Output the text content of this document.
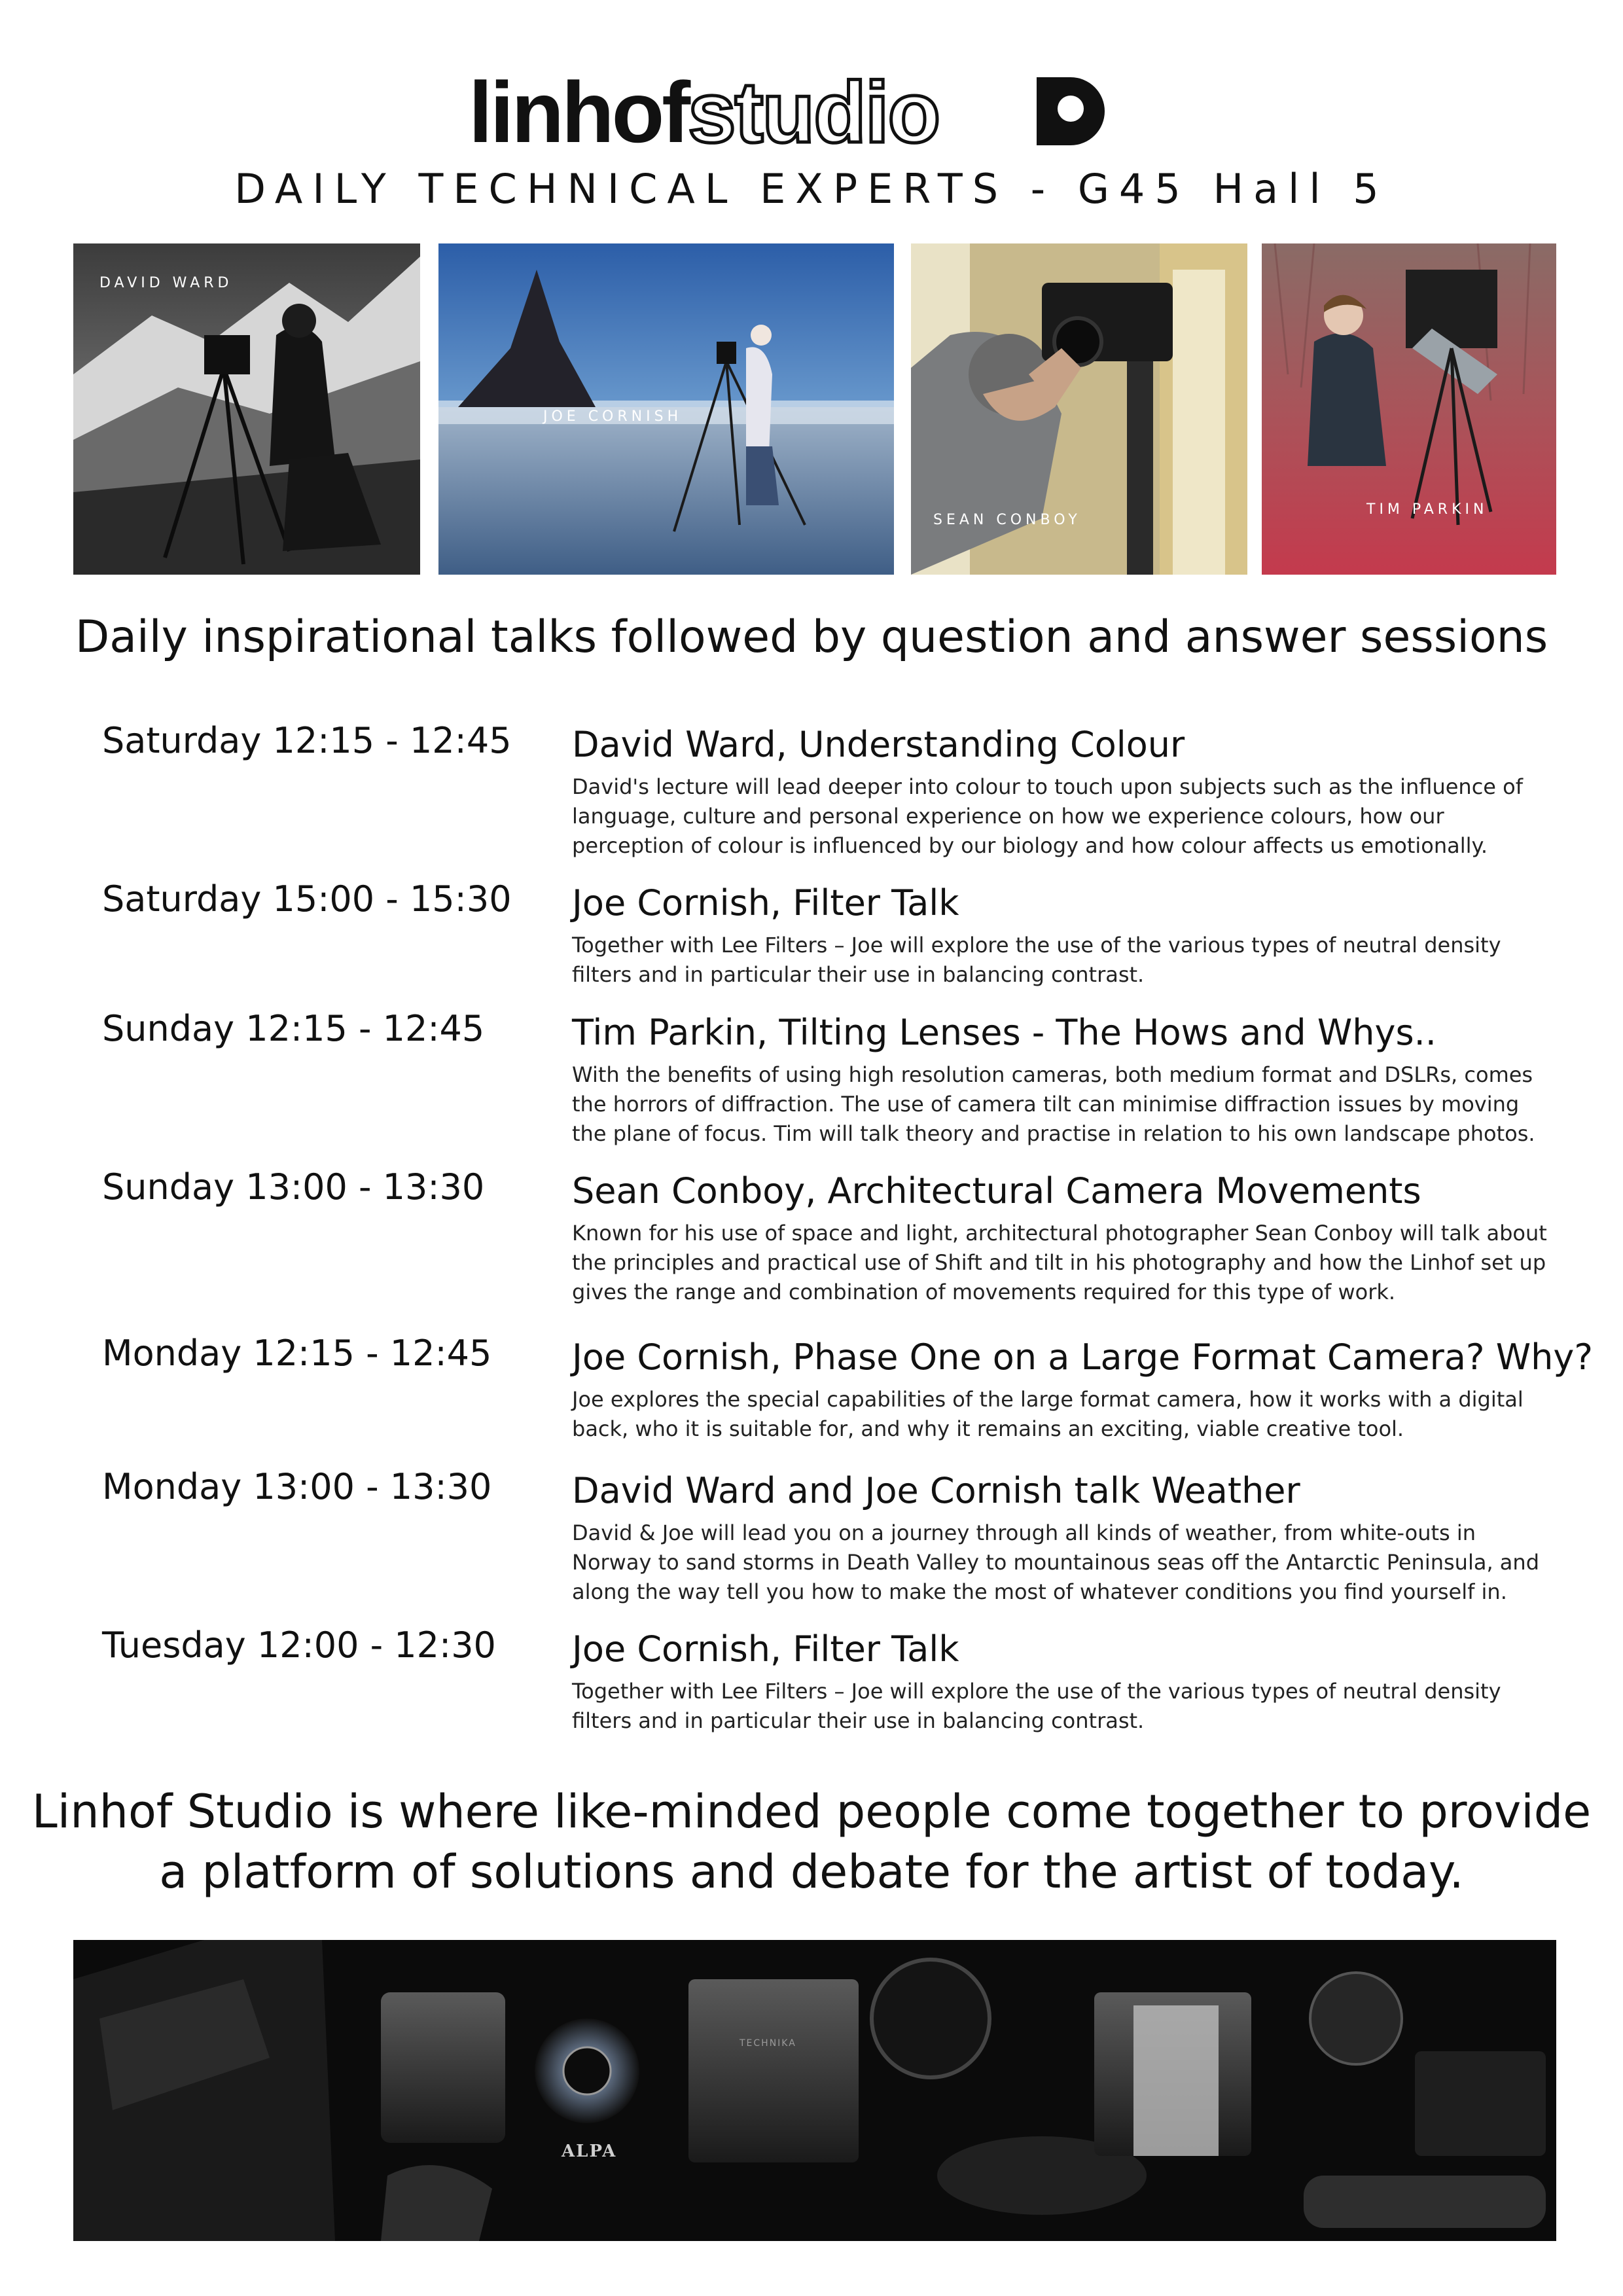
linhof studio
DAILY TECHNICAL EXPERTS - G45 Hall 5
DAVID WARD
JOE CORNISH
SEAN CONBOY
TIM PARKIN
Daily inspirational talks followed by question and answer sessions
Saturday 12:15 - 12:45 David Ward, Understanding Colour
David's lecture will lead deeper into colour to touch upon subjects such as the influence of language, culture and personal experience on how we experience colours, how our perception of colour is influenced by our biology and how colour affects us emotionally.
Saturday 15:00 - 15:30 Joe Cornish, Filter Talk
Together with Lee Filters – Joe will explore the use of the various types of neutral density filters and in particular their use in balancing contrast.
Sunday 12:15 - 12:45 Tim Parkin, Tilting Lenses - The Hows and Whys..
With the benefits of using high resolution cameras, both medium format and DSLRs, comes the horrors of diffraction. The use of camera tilt can minimise diffraction issues by moving the plane of focus. Tim will talk theory and practise in relation to his own landscape photos.
Sunday 13:00 - 13:30 Sean Conboy, Architectural Camera Movements
Known for his use of space and light, architectural photographer Sean Conboy will talk about the principles and practical use of Shift and tilt in his photography and how the Linhof set up gives the range and combination of movements required for this type of work.
Monday 12:15 - 12:45 Joe Cornish, Phase One on a Large Format Camera? Why?
Joe explores the special capabilities of the large format camera, how it works with a digital back, who it is suitable for, and why it remains an exciting, viable creative tool.
Monday 13:00 - 13:30 David Ward and Joe Cornish talk Weather
David & Joe will lead you on a journey through all kinds of weather, from white-outs in Norway to sand storms in Death Valley to mountainous seas off the Antarctic Peninsula, and along the way tell you how to make the most of whatever conditions you find yourself in.
Tuesday 12:00 - 12:30 Joe Cornish, Filter Talk
Together with Lee Filters – Joe will explore the use of the various types of neutral density filters and in particular their use in balancing contrast.
Linhof Studio is where like-minded people come together to provide
a platform of solutions and debate for the artist of today.
ALPA
TECHNIKA
